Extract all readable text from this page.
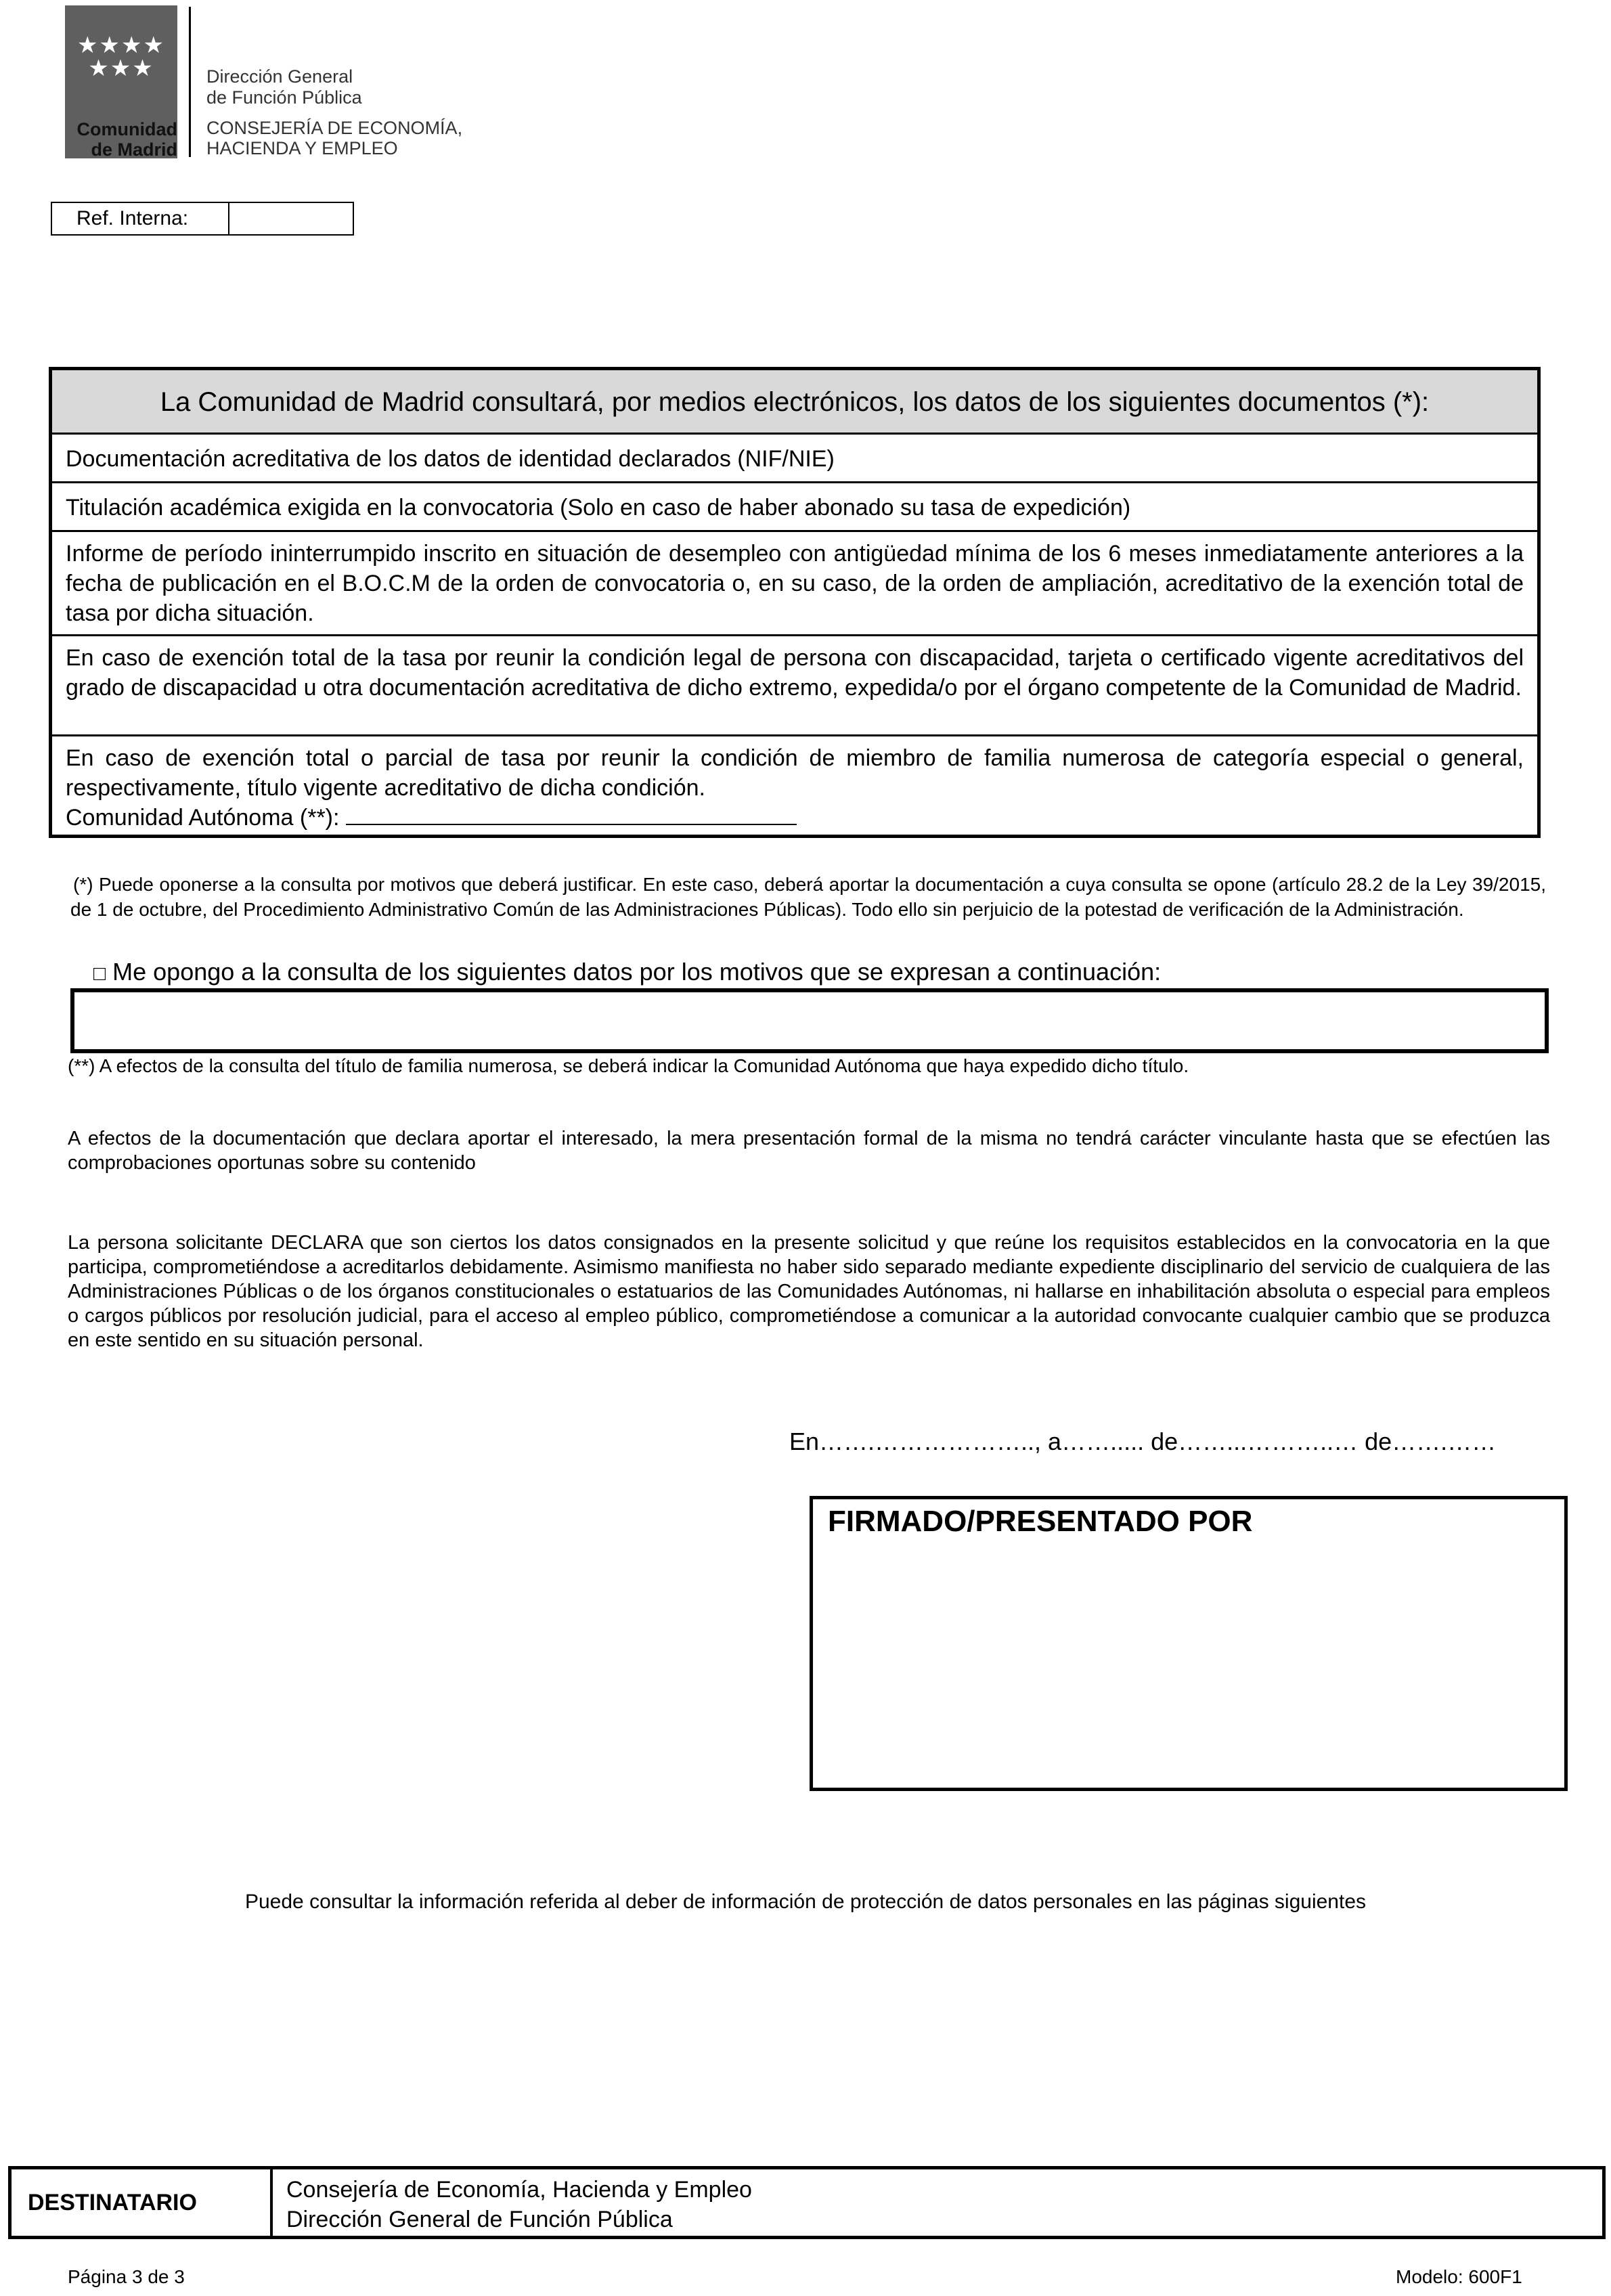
★★★★
★★★
Comunidad
de Madrid
Dirección General
de Función Pública
CONSEJERÍA DE ECONOMÍA,
HACIENDA Y EMPLEO
Ref. Interna:
La Comunidad de Madrid consultará, por medios electrónicos, los datos de los siguientes documentos (*):
Documentación acreditativa de los datos de identidad declarados (NIF/NIE)
Titulación académica exigida en la convocatoria (Solo en caso de haber abonado su tasa de expedición)
Informe de período ininterrumpido inscrito en situación de desempleo con antigüedad mínima de los 6 meses inmediatamente anteriores a la fecha de publicación en el B.O.C.M de la orden de convocatoria o, en su caso, de la orden de ampliación, acreditativo de la exención total de tasa por dicha situación.
En caso de exención total de la tasa por reunir la condición legal de persona con discapacidad, tarjeta o certificado vigente acreditativos del grado de discapacidad u otra documentación acreditativa de dicho extremo, expedida/o por el órgano competente de la Comunidad de Madrid.
En caso de exención total o parcial de tasa por reunir la condición de miembro de familia numerosa de categoría especial o general, respectivamente, título vigente acreditativo de dicha condición.
Comunidad Autónoma (**):
(*) Puede oponerse a la consulta por motivos que deberá justificar. En este caso, deberá aportar la documentación a cuya consulta se opone (artículo 28.2 de la Ley 39/2015, de 1 de octubre, del Procedimiento Administrativo Común de las Administraciones Públicas). Todo ello sin perjuicio de la potestad de verificación de la Administración.
□ Me opongo a la consulta de los siguientes datos por los motivos que se expresan a continuación:
(**) A efectos de la consulta del título de familia numerosa, se deberá indicar la Comunidad Autónoma que haya expedido dicho título.
A efectos de la documentación que declara aportar el interesado, la mera presentación formal de la misma no tendrá carácter vinculante hasta que se efectúen las comprobaciones oportunas sobre su contenido
La persona solicitante DECLARA que son ciertos los datos consignados en la presente solicitud y que reúne los requisitos establecidos en la convocatoria en la que participa, comprometiéndose a acreditarlos debidamente. Asimismo manifiesta no haber sido separado mediante expediente disciplinario del servicio de cualquiera de las Administraciones Públicas o de los órganos constitucionales o estatuarios de las Comunidades Autónomas, ni hallarse en inhabilitación absoluta o especial para empleos o cargos públicos por resolución judicial, para el acceso al empleo público, comprometiéndose a comunicar a la autoridad convocante cualquier cambio que se produzca en este sentido en su situación personal.
En…….……………….., a……..... de……...………..… de…….……
FIRMADO/PRESENTADO POR
Puede consultar la información referida al deber de información de protección de datos personales en las páginas siguientes
DESTINATARIO	Consejería de Economía, Hacienda y Empleo
Dirección General de Función Pública
Página 3 de 3	Modelo: 600F1
